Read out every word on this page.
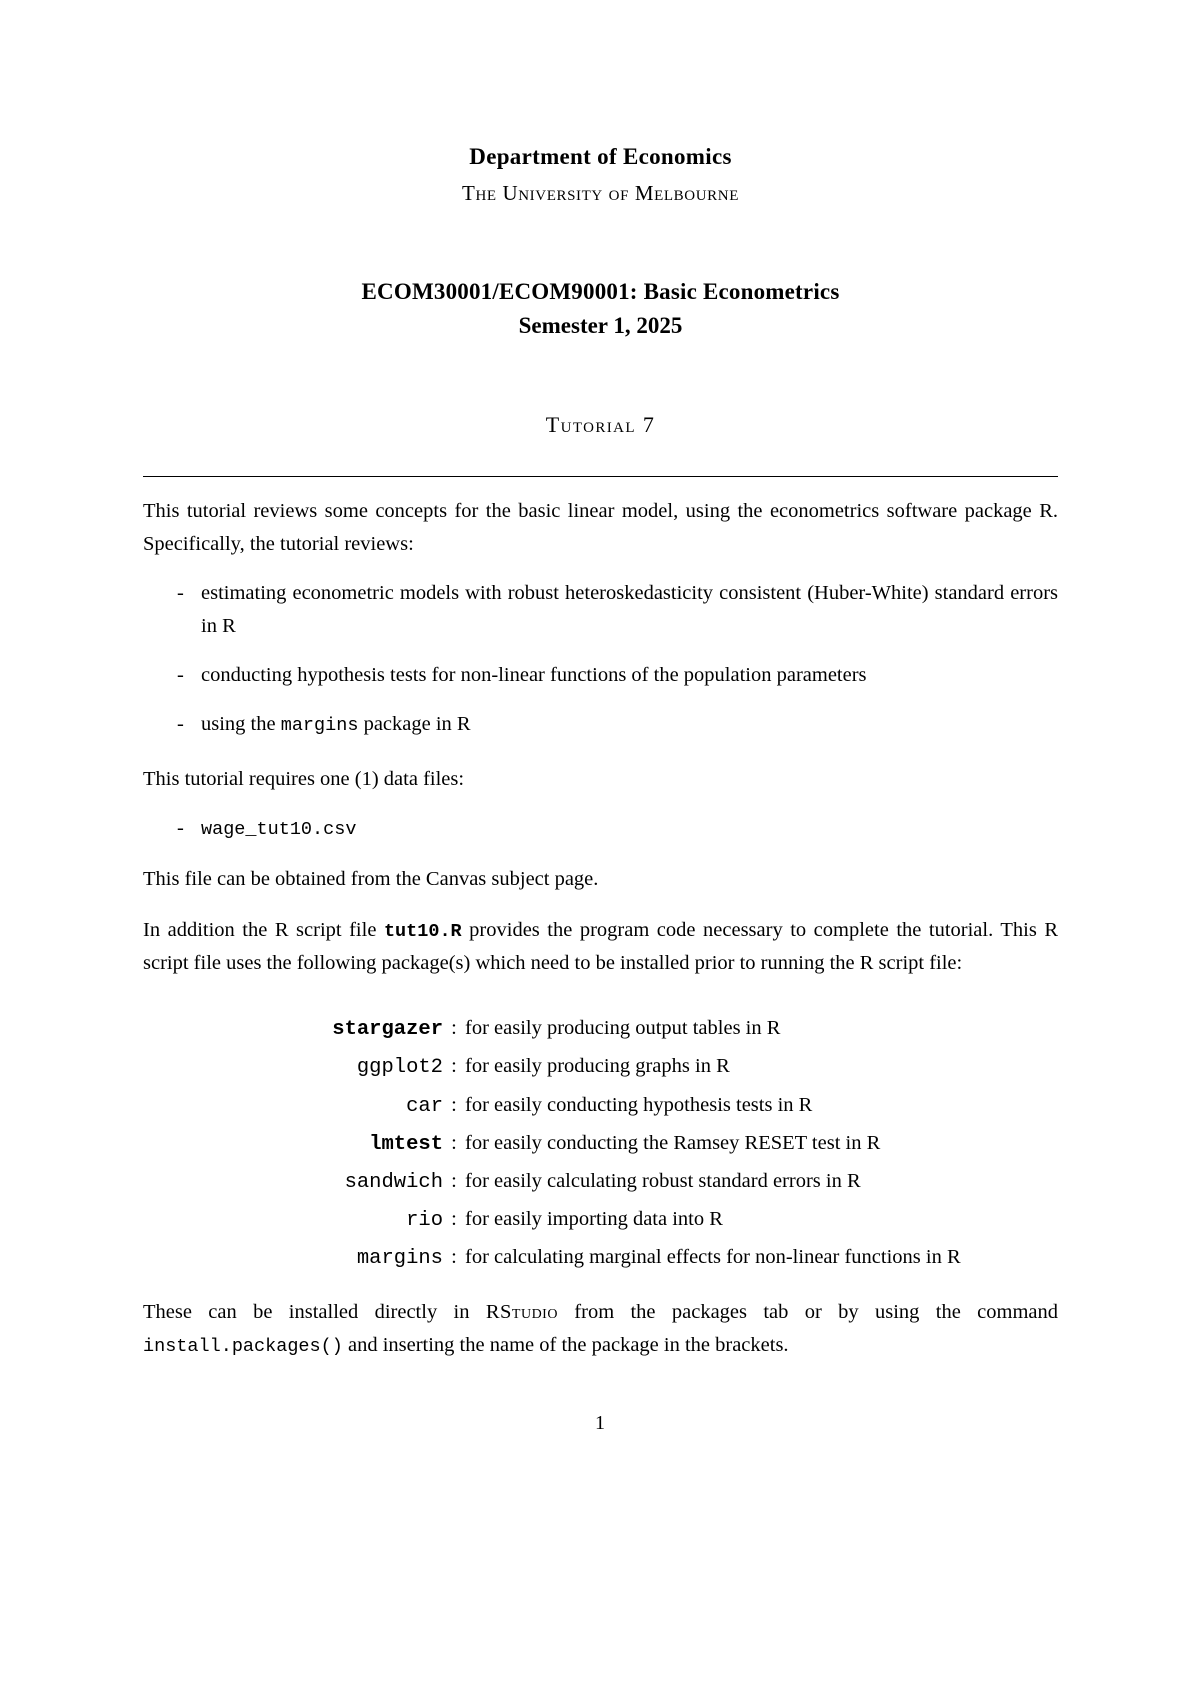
Department of Economics
The University of Melbourne
ECOM30001/ECOM90001: Basic Econometrics
Semester 1, 2025
Tutorial 7

This tutorial reviews some concepts for the basic linear model, using the econometrics software package R. Specifically, the tutorial reviews:

- estimating econometric models with robust heteroskedasticity consistent (Huber-White) standard errors in R
- conducting hypothesis tests for non-linear functions of the population parameters
- using the margins package in R

This tutorial requires one (1) data files:

- wage_tut10.csv

This file can be obtained from the Canvas subject page.

In addition the R script file tut10.R provides the program code necessary to complete the tutorial. This R script file uses the following package(s) which need to be installed prior to running the R script file:

stargazer	:	for easily producing output tables in R
ggplot2	:	for easily producing graphs in R
car	:	for easily conducting hypothesis tests in R
lmtest	:	for easily conducting the Ramsey RESET test in R
sandwich	:	for easily calculating robust standard errors in R
rio	:	for easily importing data into R
margins	:	for calculating marginal effects for non-linear functions in R

These can be installed directly in RStudio from the packages tab or by using the command install.packages() and inserting the name of the package in the brackets.

1
